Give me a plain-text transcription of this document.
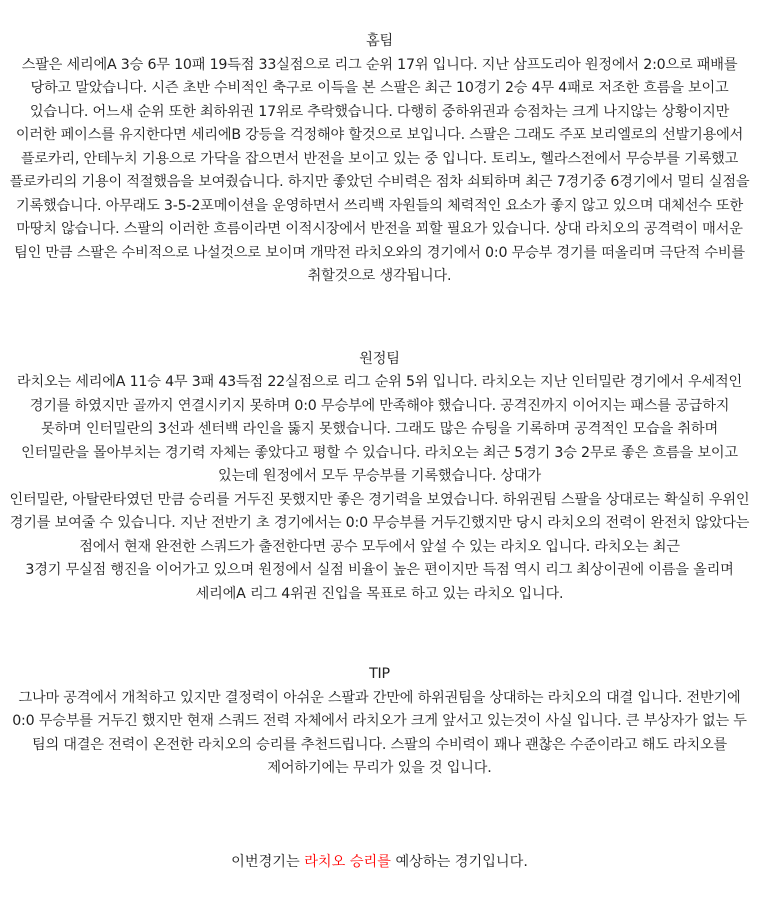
홈팀

스팔은 세리에A 3승 6무 10패 19득점 33실점으로 리그 순위 17위 입니다. 지난 삼프도리아 원정에서 2:0으로 패배를 당하고 말았습니다. 시즌 초반 수비적인 축구로 이득을 본 스팔은 최근 10경기 2승 4무 4패로 저조한 흐름을 보이고 있습니다. 어느새 순위 또한 최하위권 17위로 추락했습니다. 다행히 중하위권과 승점차는 크게 나지않는 상황이지만 이러한 페이스를 유지한다면 세리에B 강등을 걱정해야 할것으로 보입니다. 스팔은 그래도 주포 보리엘로의 선발기용에서 플로카리, 안테누치 기용으로 가닥을 잡으면서 반전을 보이고 있는 중 입니다. 토리노, 헬라스전에서 무승부를 기록했고 플로카리의 기용이 적절했음을 보여줬습니다. 하지만 좋았던 수비력은 점차 쇠퇴하며 최근 7경기중 6경기에서 멀티 실점을 기록했습니다. 아무래도 3-5-2포메이션을 운영하면서 쓰리백 자원들의 체력적인 요소가 좋지 않고 있으며 대체선수 또한 마땅치 않습니다. 스팔의 이러한 흐름이라면 이적시장에서 반전을 꾀할 필요가 있습니다. 상대 라치오의 공격력이 매서운 팀인 만큼 스팔은 수비적으로 나설것으로 보이며 개막전 라치오와의 경기에서 0:0 무승부 경기를 떠올리며 극단적 수비를 취할것으로 생각됩니다.

원정팀

라치오는 세리에A 11승 4무 3패 43득점 22실점으로 리그 순위 5위 입니다. 라치오는 지난 인터밀란 경기에서 우세적인 경기를 하였지만 골까지 연결시키지 못하며 0:0 무승부에 만족해야 했습니다. 공격진까지 이어지는 패스를 공급하지 못하며 인터밀란의 3선과 센터백 라인을 뚫지 못했습니다. 그래도 많은 슈팅을 기록하며 공격적인 모습을 취하며 인터밀란을 몰아부치는 경기력 자체는 좋았다고 평할 수 있습니다. 라치오는 최근 5경기 3승 2무로 좋은 흐름을 보이고 있는데 원정에서 모두 무승부를 기록했습니다. 상대가

인터밀란, 아탈란타였던 만큼 승리를 거두진 못했지만 좋은 경기력을 보였습니다. 하위권팀 스팔을 상대로는 확실히 우위인 경기를 보여줄 수 있습니다. 지난 전반기 초 경기에서는 0:0 무승부를 거두긴했지만 당시 라치오의 전력이 완전치 않았다는 점에서 현재 완전한 스쿼드가 출전한다면 공수 모두에서 앞설 수 있는 라치오 입니다. 라치오는 최근

3경기 무실점 행진을 이어가고 있으며 원정에서 실점 비율이 높은 편이지만 득점 역시 리그 최상이권에 이름을 올리며 세리에A 리그 4위권 진입을 목표로 하고 있는 라치오 입니다.

TIP

그나마 공격에서 개척하고 있지만 결정력이 아쉬운 스팔과 간만에 하위권팀을 상대하는 라치오의 대결 입니다. 전반기에 0:0 무승부를 거두긴 했지만 현재 스쿼드 전력 자체에서 라치오가 크게 앞서고 있는것이 사실 입니다. 큰 부상자가 없는 두 팀의 대결은 전력이 온전한 라치오의 승리를 추천드립니다. 스팔의 수비력이 꽤나 괜찮은 수준이라고 해도 라치오를 제어하기에는 무리가 있을 것 입니다.

이번경기는 라치오 승리를 예상하는 경기입니다.
